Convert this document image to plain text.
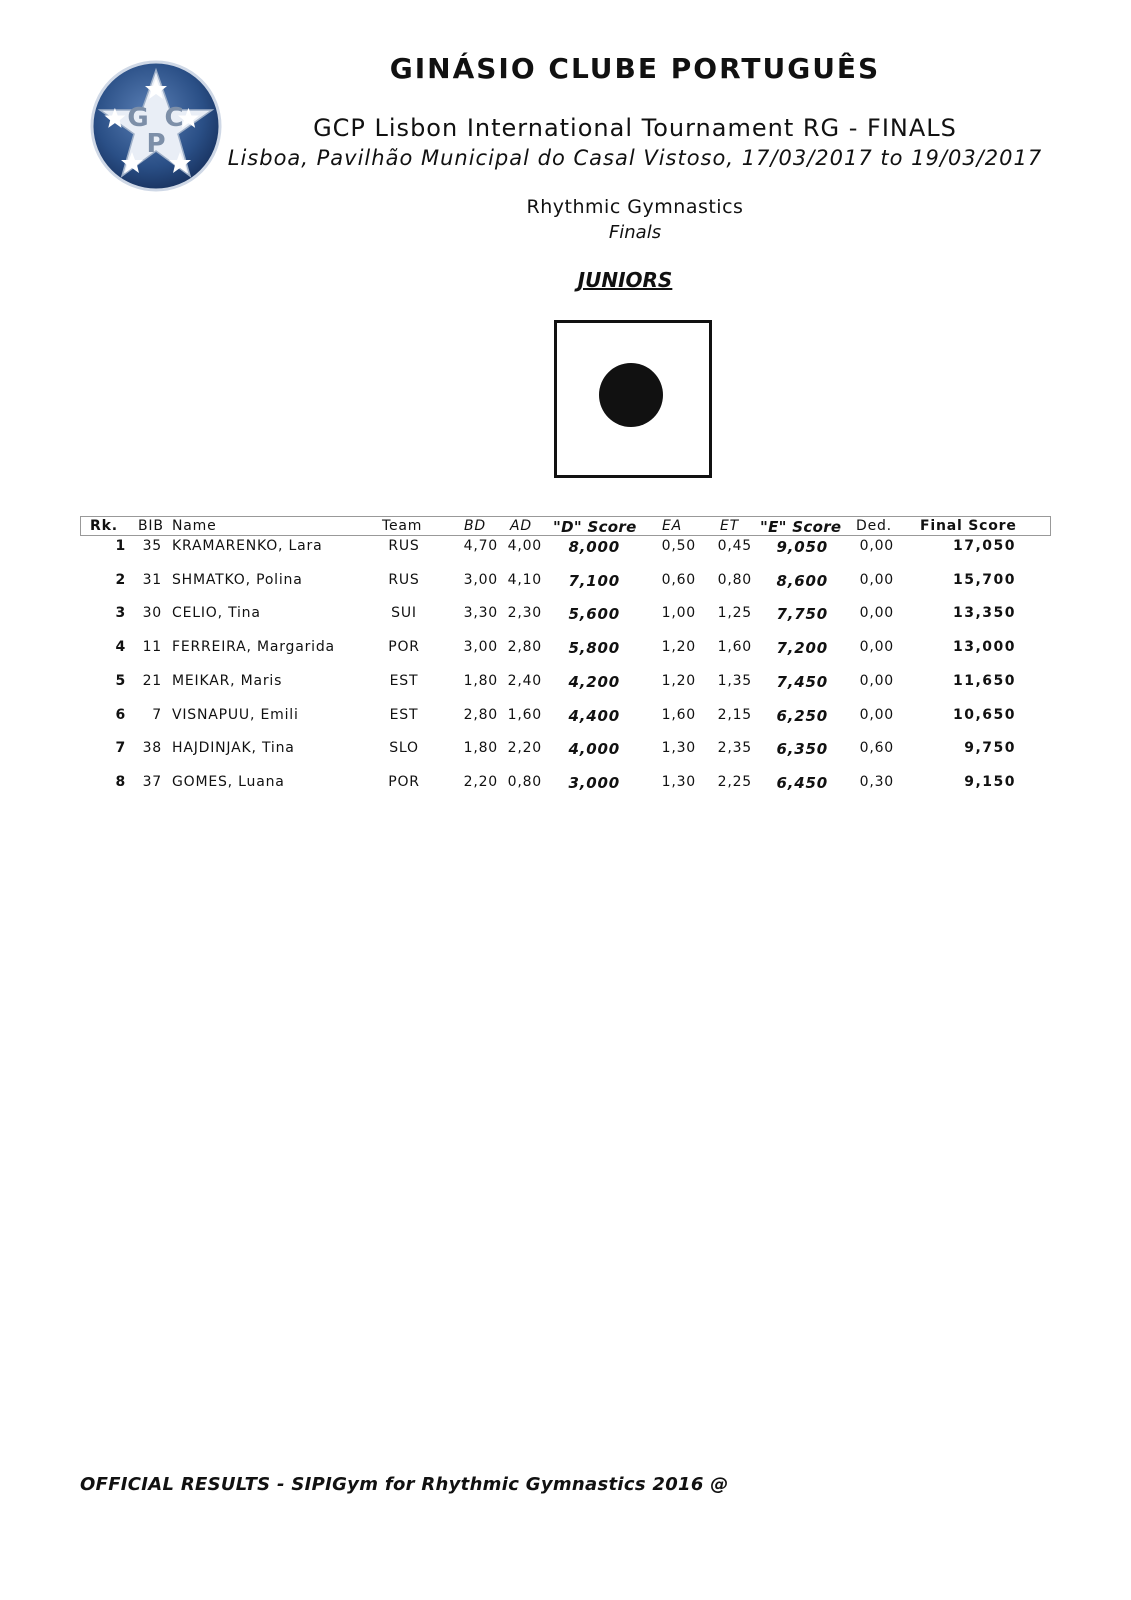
G C
P
GINÁSIO CLUBE PORTUGUÊS
GCP Lisbon International Tournament RG - FINALS
Lisboa, Pavilhão Municipal do Casal Vistoso, 17/03/2017 to 19/03/2017
Rhythmic Gymnastics
Finals
JUNIORS
Rk. BIB Name	Team	BD AD "D" Score EA	ET "E" Score Ded. Final Score
1	35 KRAMARENKO, Lara	RUS	4,70 4,00	8,000	0,50	0,45	9,050	0,00	17,050
2	31 SHMATKO, Polina	RUS	3,00 4,10	7,100	0,60	0,80	8,600	0,00	15,700
3	30 CELIO, Tina	SUI	3,30 2,30	5,600	1,00	1,25	7,750	0,00	13,350
4	11 FERREIRA, Margarida	POR	3,00 2,80	5,800	1,20	1,60	7,200	0,00	13,000
5	21 MEIKAR, Maris	EST	1,80 2,40	4,200	1,20	1,35	7,450	0,00	11,650
6	7 VISNAPUU, Emili	EST	2,80 1,60	4,400	1,60	2,15	6,250	0,00	10,650
7	38 HAJDINJAK, Tina	SLO	1,80 2,20	4,000	1,30	2,35	6,350	0,60	9,750
8	37 GOMES, Luana	POR	2,20 0,80	3,000	1,30	2,25	6,450	0,30	9,150
OFFICIAL RESULTS - SIPIGym for Rhythmic Gymnastics 2016 @
